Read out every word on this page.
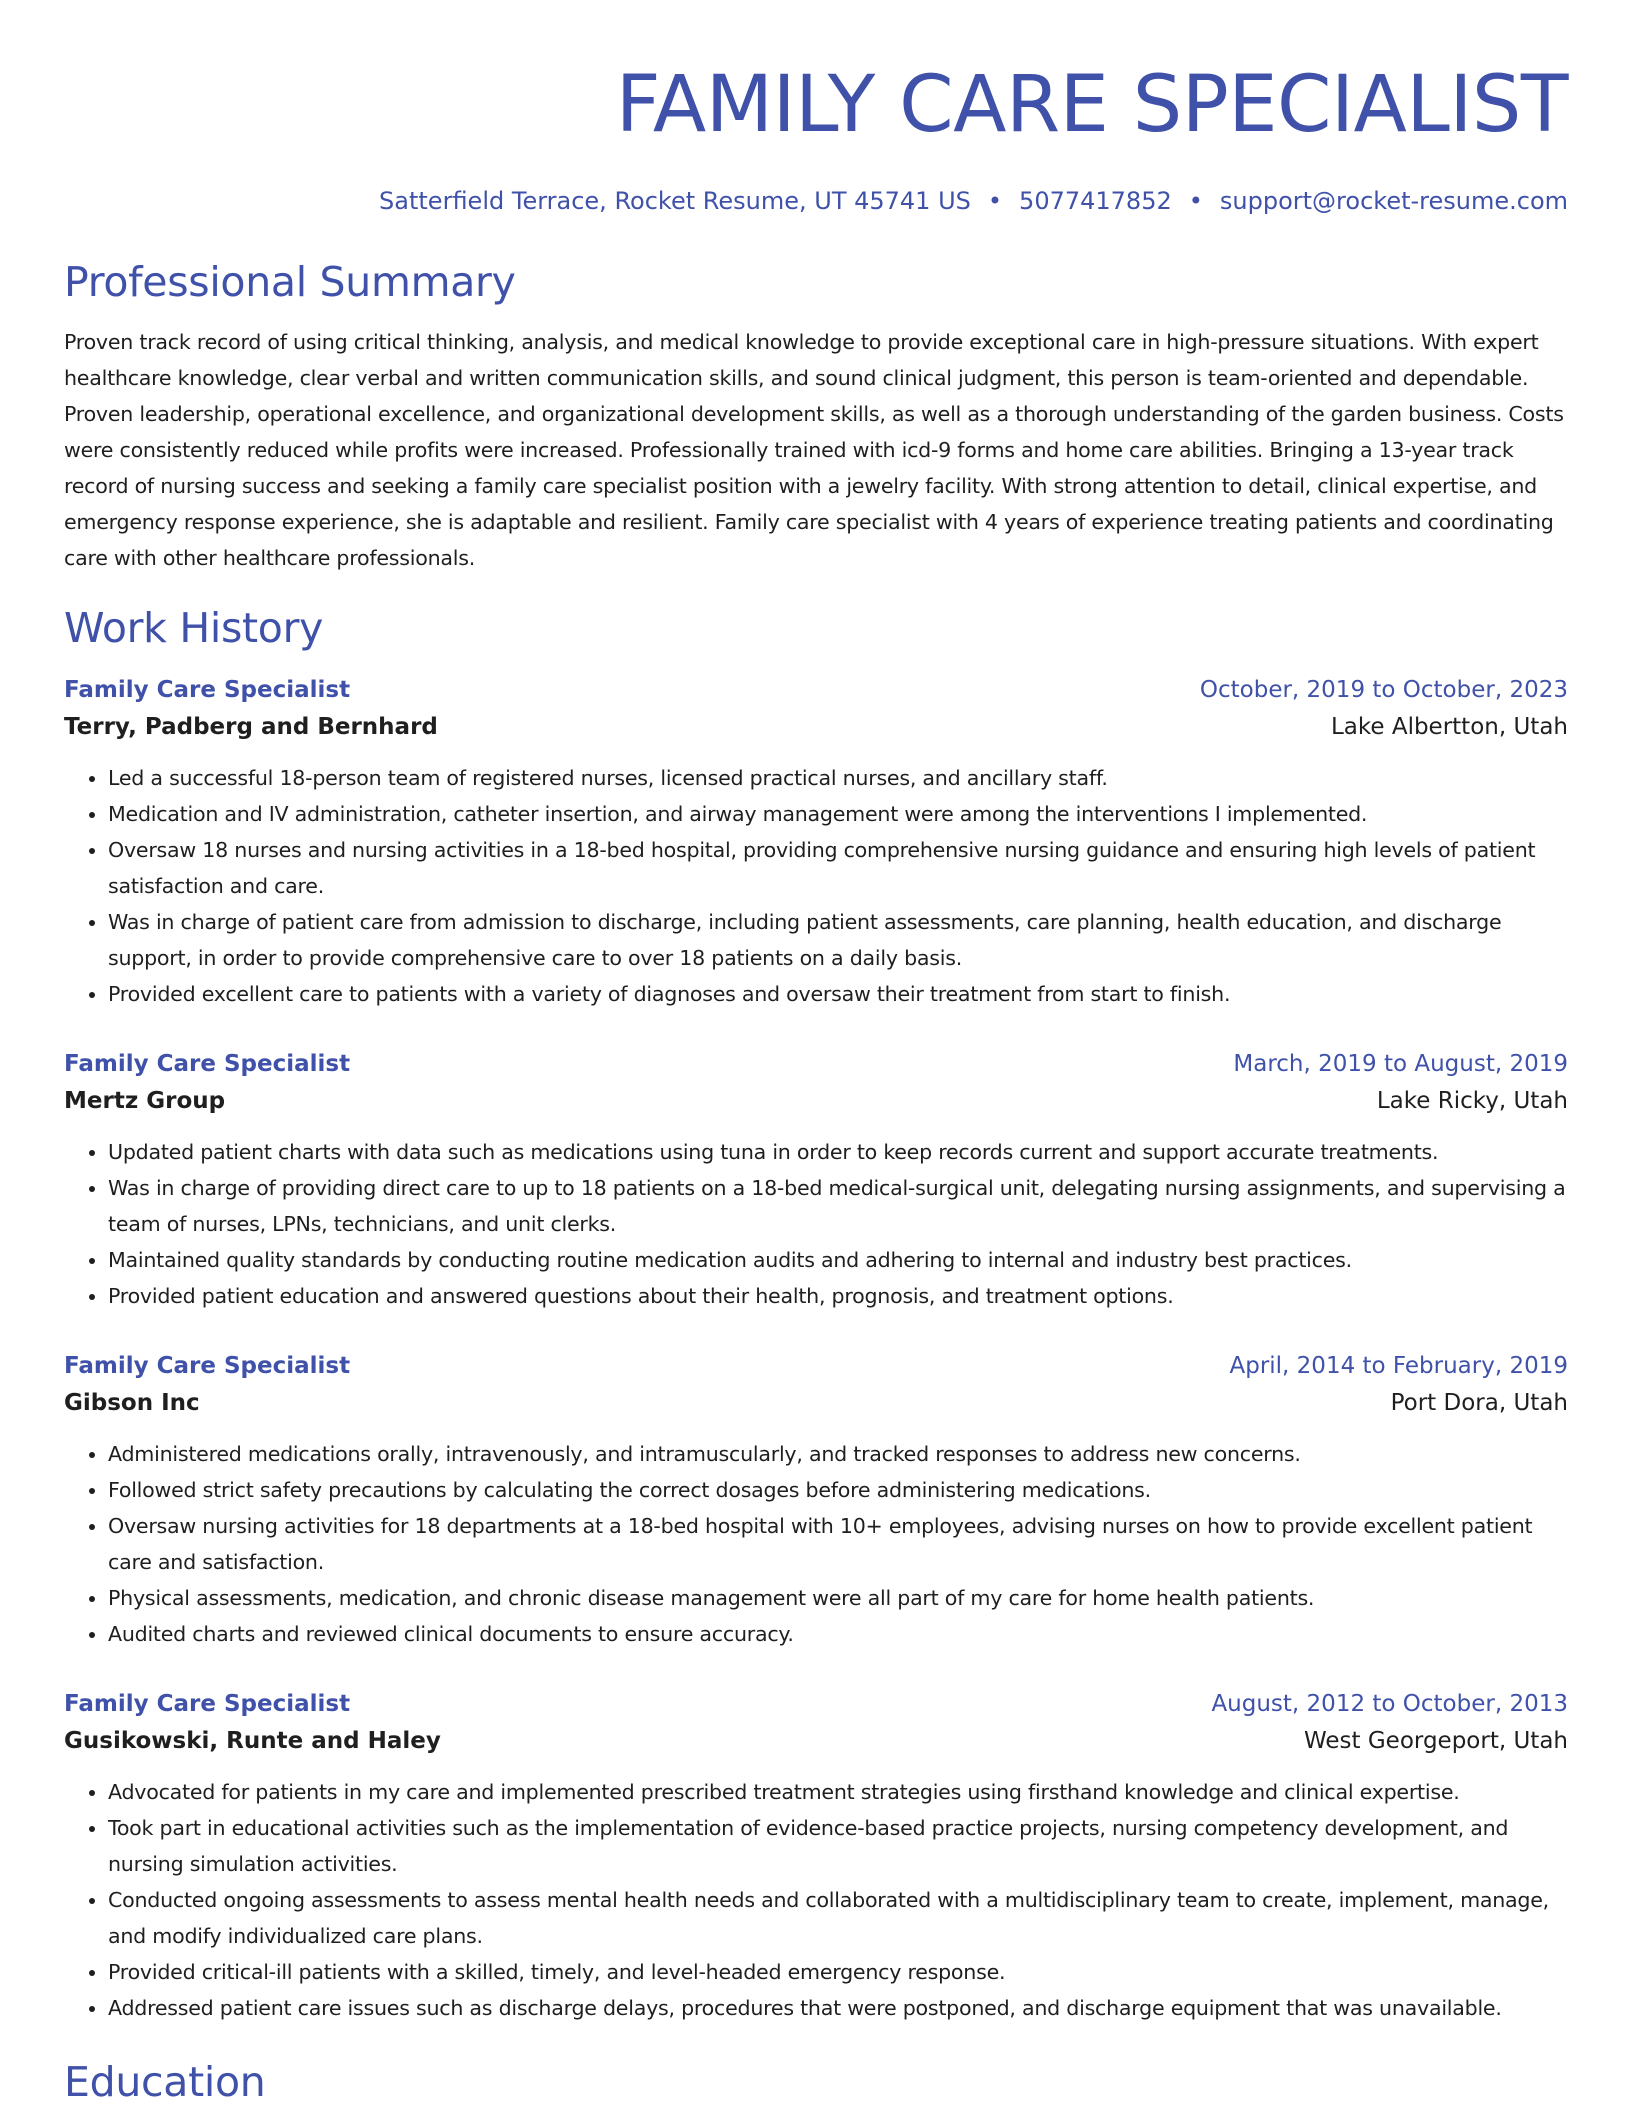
FAMILY CARE SPECIALIST
Satterfield Terrace, Rocket Resume, UT 45741 US • 5077417852 • support@rocket-resume.com
Professional Summary
Proven track record of using critical thinking, analysis, and medical knowledge to provide exceptional care in high-pressure situations. With expert healthcare knowledge, clear verbal and written communication skills, and sound clinical judgment, this person is team-oriented and dependable. Proven leadership, operational excellence, and organizational development skills, as well as a thorough understanding of the garden business. Costs were consistently reduced while profits were increased. Professionally trained with icd-9 forms and home care abilities. Bringing a 13-year track record of nursing success and seeking a family care specialist position with a jewelry facility. With strong attention to detail, clinical expertise, and emergency response experience, she is adaptable and resilient. Family care specialist with 4 years of experience treating patients and coordinating care with other healthcare professionals.
Work History
Family Care Specialist	October, 2019 to October, 2023
Terry, Padberg and Bernhard	Lake Albertton, Utah
• Led a successful 18-person team of registered nurses, licensed practical nurses, and ancillary staff.
• Medication and IV administration, catheter insertion, and airway management were among the interventions I implemented.
• Oversaw 18 nurses and nursing activities in a 18-bed hospital, providing comprehensive nursing guidance and ensuring high levels of patient satisfaction and care.
• Was in charge of patient care from admission to discharge, including patient assessments, care planning, health education, and discharge support, in order to provide comprehensive care to over 18 patients on a daily basis.
• Provided excellent care to patients with a variety of diagnoses and oversaw their treatment from start to finish.
Family Care Specialist	March, 2019 to August, 2019
Mertz Group	Lake Ricky, Utah
• Updated patient charts with data such as medications using tuna in order to keep records current and support accurate treatments.
• Was in charge of providing direct care to up to 18 patients on a 18-bed medical-surgical unit, delegating nursing assignments, and supervising a team of nurses, LPNs, technicians, and unit clerks.
• Maintained quality standards by conducting routine medication audits and adhering to internal and industry best practices.
• Provided patient education and answered questions about their health, prognosis, and treatment options.
Family Care Specialist	April, 2014 to February, 2019
Gibson Inc	Port Dora, Utah
• Administered medications orally, intravenously, and intramuscularly, and tracked responses to address new concerns.
• Followed strict safety precautions by calculating the correct dosages before administering medications.
• Oversaw nursing activities for 18 departments at a 18-bed hospital with 10+ employees, advising nurses on how to provide excellent patient care and satisfaction.
• Physical assessments, medication, and chronic disease management were all part of my care for home health patients.
• Audited charts and reviewed clinical documents to ensure accuracy.
Family Care Specialist	August, 2012 to October, 2013
Gusikowski, Runte and Haley	West Georgeport, Utah
• Advocated for patients in my care and implemented prescribed treatment strategies using firsthand knowledge and clinical expertise.
• Took part in educational activities such as the implementation of evidence-based practice projects, nursing competency development, and nursing simulation activities.
• Conducted ongoing assessments to assess mental health needs and collaborated with a multidisciplinary team to create, implement, manage, and modify individualized care plans.
• Provided critical-ill patients with a skilled, timely, and level-headed emergency response.
• Addressed patient care issues such as discharge delays, procedures that were postponed, and discharge equipment that was unavailable.
Education
